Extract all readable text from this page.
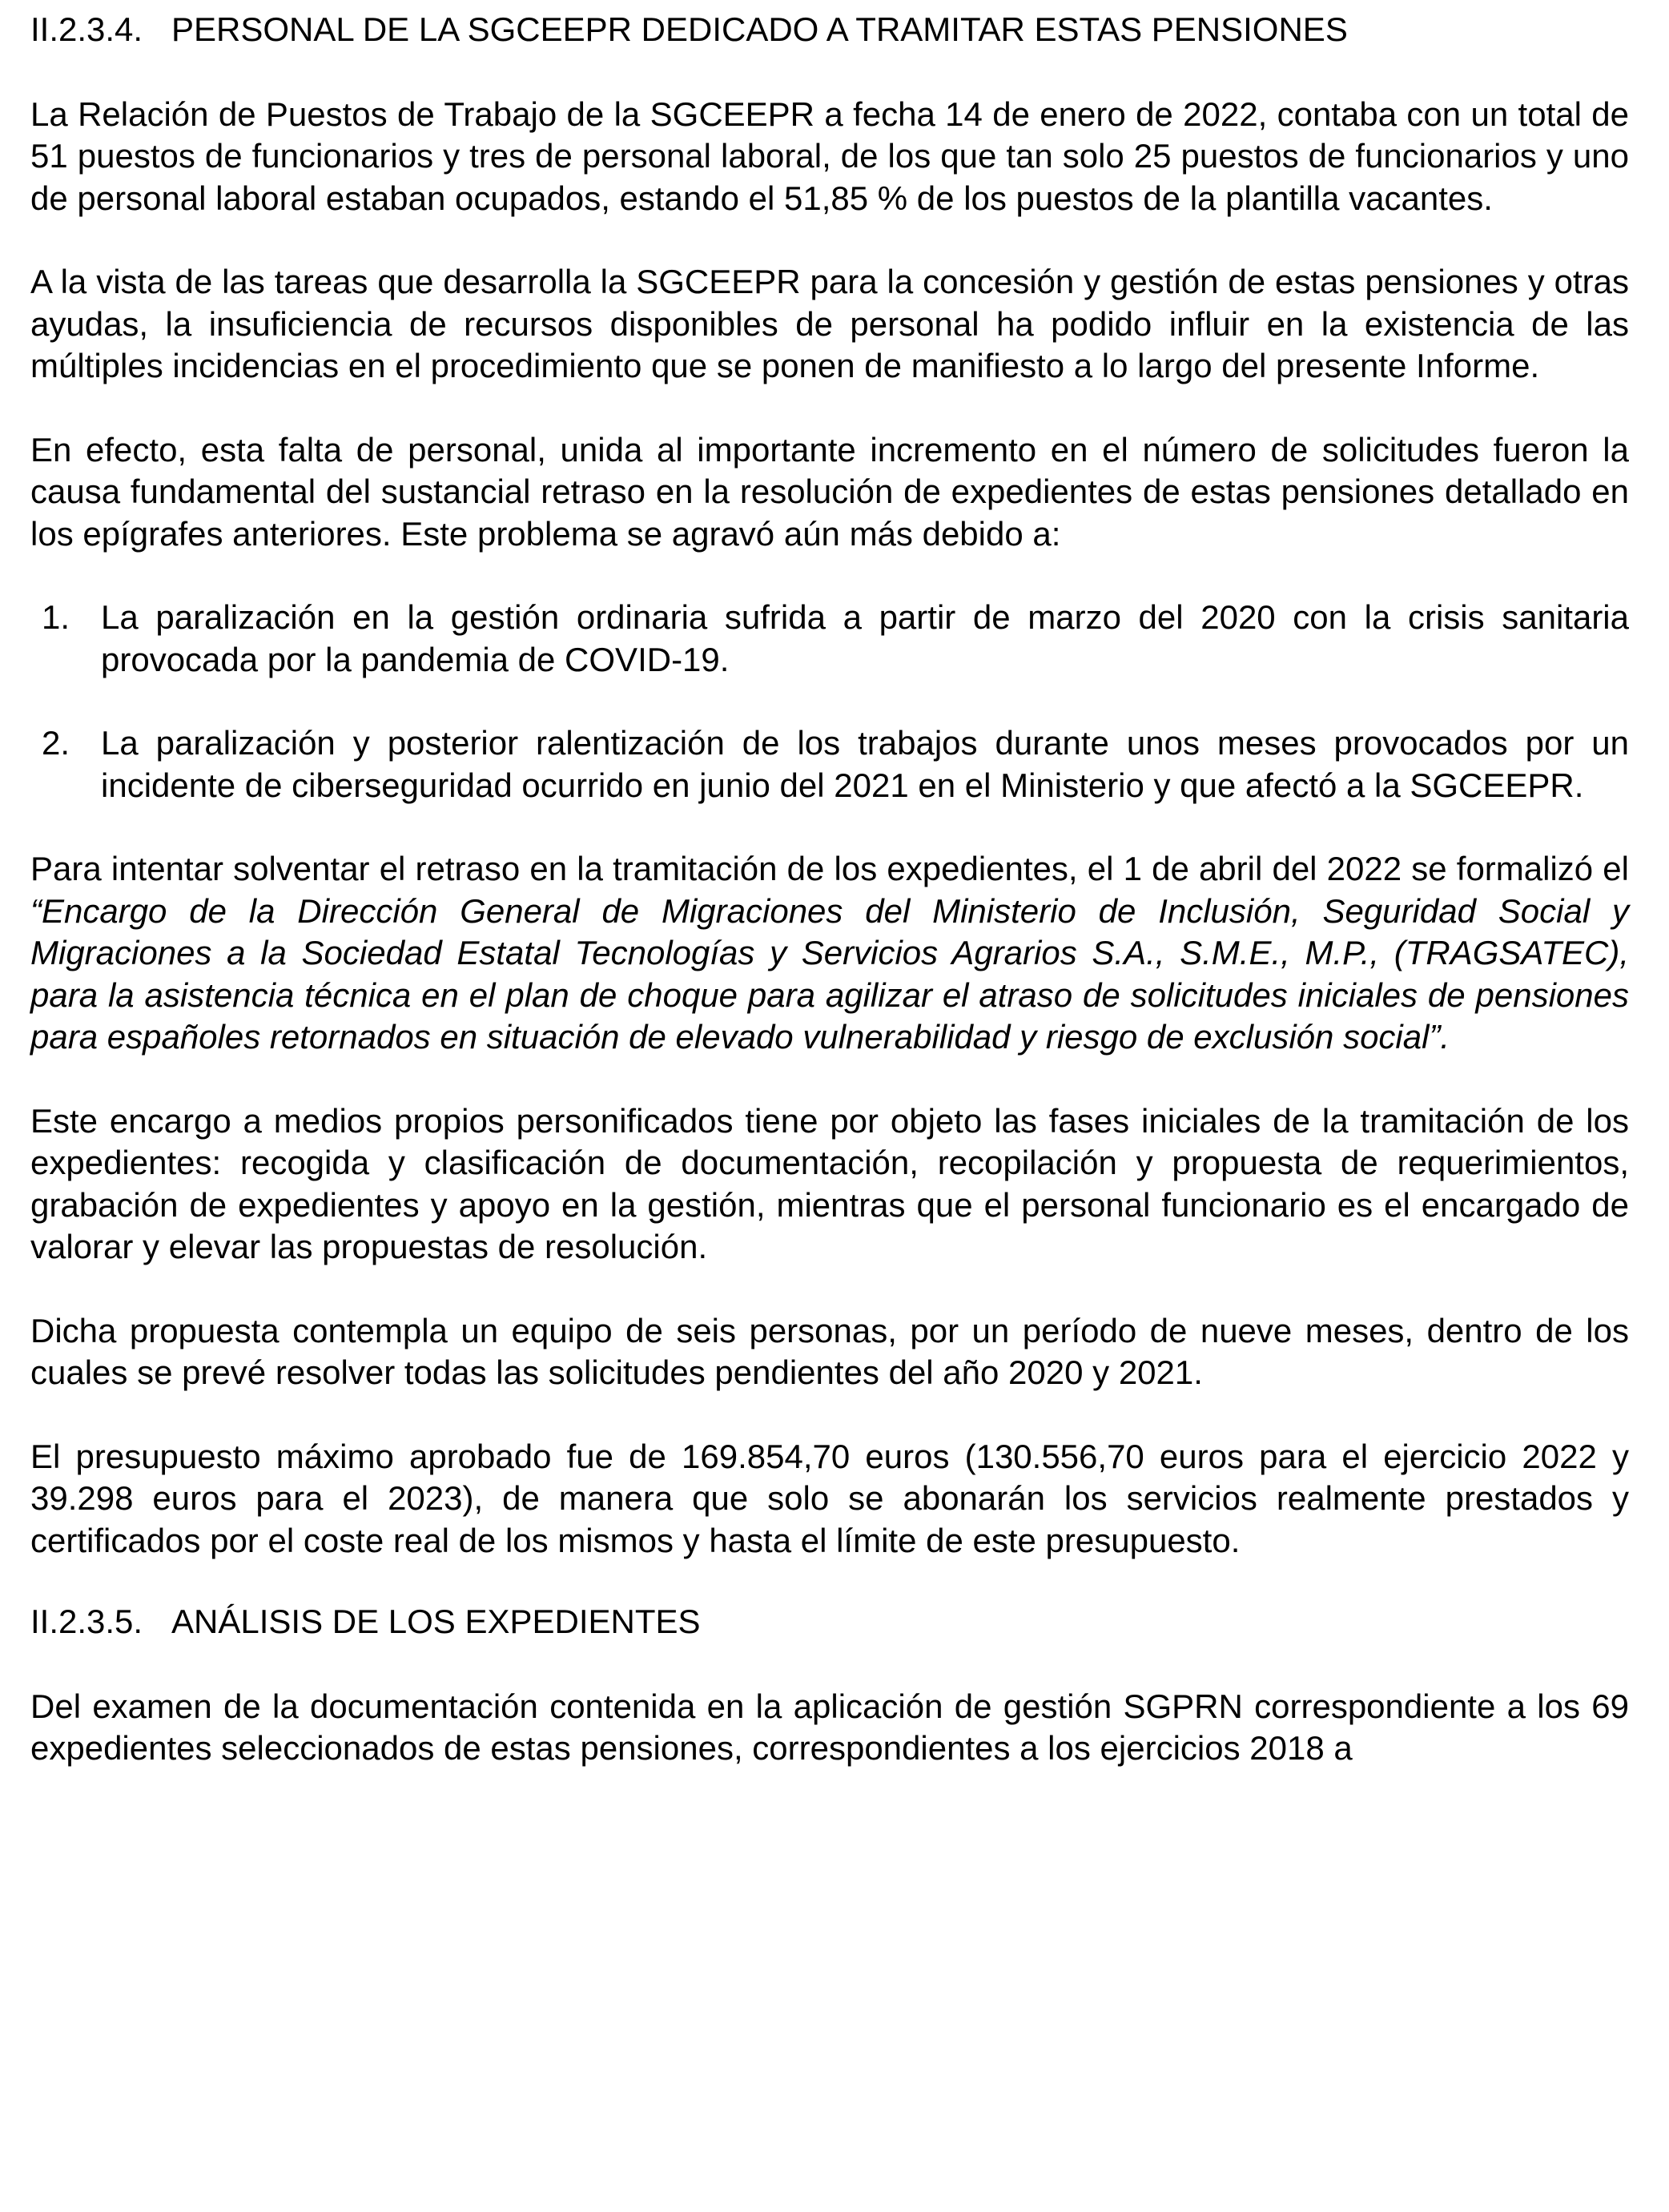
II.2.3.4. PERSONAL DE LA SGCEEPR DEDICADO A TRAMITAR ESTAS PENSIONES

La Relación de Puestos de Trabajo de la SGCEEPR a fecha 14 de enero de 2022, contaba con un total de 51 puestos de funcionarios y tres de personal laboral, de los que tan solo 25 puestos de funcionarios y uno de personal laboral estaban ocupados, estando el 51,85 % de los puestos de la plantilla vacantes.

A la vista de las tareas que desarrolla la SGCEEPR para la concesión y gestión de estas pensiones y otras ayudas, la insuficiencia de recursos disponibles de personal ha podido influir en la existencia de las múltiples incidencias en el procedimiento que se ponen de manifiesto a lo largo del presente Informe.

En efecto, esta falta de personal, unida al importante incremento en el número de solicitudes fueron la causa fundamental del sustancial retraso en la resolución de expedientes de estas pensiones detallado en los epígrafes anteriores. Este problema se agravó aún más debido a:

1. La paralización en la gestión ordinaria sufrida a partir de marzo del 2020 con la crisis sanitaria provocada por la pandemia de COVID-19.
2. La paralización y posterior ralentización de los trabajos durante unos meses provocados por un incidente de ciberseguridad ocurrido en junio del 2021 en el Ministerio y que afectó a la SGCEEPR.

Para intentar solventar el retraso en la tramitación de los expedientes, el 1 de abril del 2022 se formalizó el “Encargo de la Dirección General de Migraciones del Ministerio de Inclusión, Seguridad Social y Migraciones a la Sociedad Estatal Tecnologías y Servicios Agrarios S.A., S.M.E., M.P., (TRAGSATEC), para la asistencia técnica en el plan de choque para agilizar el atraso de solicitudes iniciales de pensiones para españoles retornados en situación de elevado vulnerabilidad y riesgo de exclusión social”.

Este encargo a medios propios personificados tiene por objeto las fases iniciales de la tramitación de los expedientes: recogida y clasificación de documentación, recopilación y propuesta de requerimientos, grabación de expedientes y apoyo en la gestión, mientras que el personal funcionario es el encargado de valorar y elevar las propuestas de resolución.

Dicha propuesta contempla un equipo de seis personas, por un período de nueve meses, dentro de los cuales se prevé resolver todas las solicitudes pendientes del año 2020 y 2021.

El presupuesto máximo aprobado fue de 169.854,70 euros (130.556,70 euros para el ejercicio 2022 y 39.298 euros para el 2023), de manera que solo se abonarán los servicios realmente prestados y certificados por el coste real de los mismos y hasta el límite de este presupuesto.

II.2.3.5. ANÁLISIS DE LOS EXPEDIENTES

Del examen de la documentación contenida en la aplicación de gestión SGPRN correspondiente a los 69 expedientes seleccionados de estas pensiones, correspondientes a los ejercicios 2018 a
